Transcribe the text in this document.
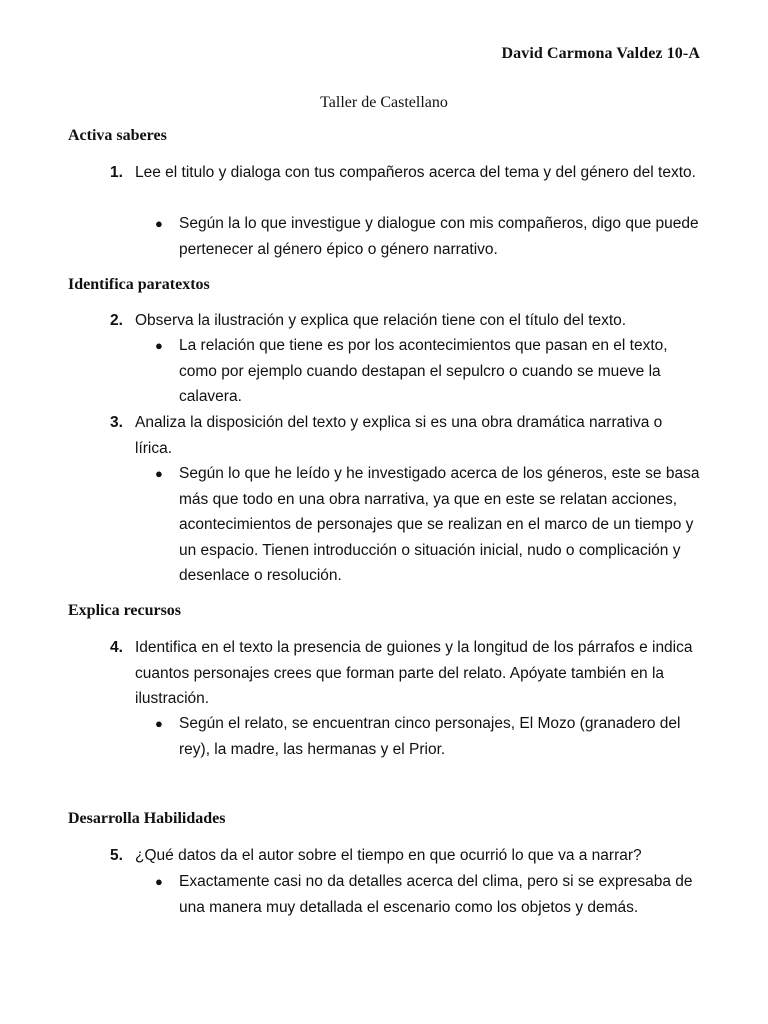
David Carmona Valdez 10-A
Taller de Castellano
Activa saberes
1. Lee el titulo y dialoga con tus compañeros acerca del tema y del género del texto.
● Según la lo que investigue y dialogue con mis compañeros, digo que puede pertenecer al género épico o género narrativo.
Identifica paratextos
2. Observa la ilustración y explica que relación tiene con el título del texto.
● La relación que tiene es por los acontecimientos que pasan en el texto, como por ejemplo cuando destapan el sepulcro o cuando se mueve la calavera.
3. Analiza la disposición del texto y explica si es una obra dramática narrativa o lírica.
● Según lo que he leído y he investigado acerca de los géneros, este se basa más que todo en una obra narrativa, ya que en este se relatan acciones, acontecimientos de personajes que se realizan en el marco de un tiempo y un espacio. Tienen introducción o situación inicial, nudo o complicación y desenlace o resolución.
Explica recursos
4. Identifica en el texto la presencia de guiones y la longitud de los párrafos e indica cuantos personajes crees que forman parte del relato. Apóyate también en la ilustración.
● Según el relato, se encuentran cinco personajes, El Mozo (granadero del rey), la madre, las hermanas y el Prior.
Desarrolla Habilidades
5. ¿Qué datos da el autor sobre el tiempo en que ocurrió lo que va a narrar?
● Exactamente casi no da detalles acerca del clima, pero si se expresaba de una manera muy detallada el escenario como los objetos y demás.
